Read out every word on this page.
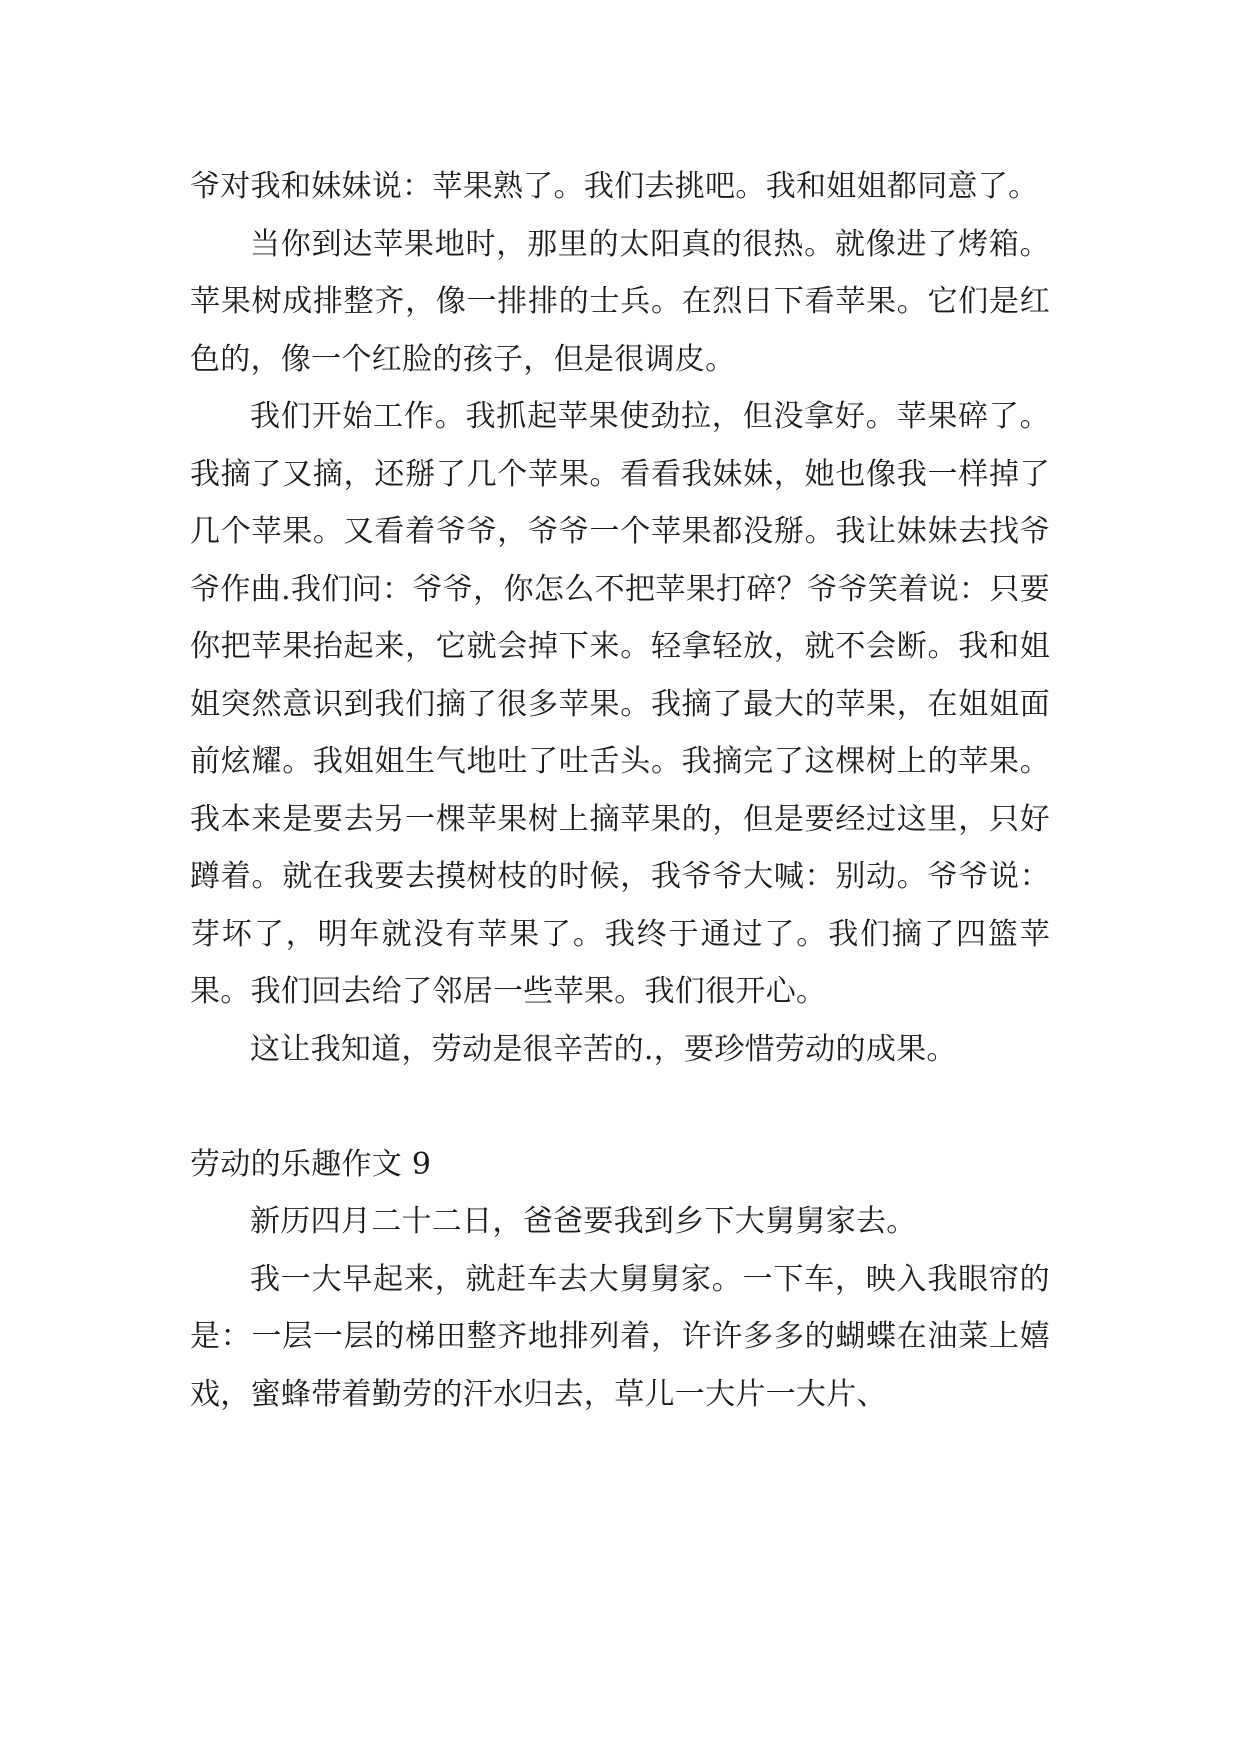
爷对我和妹妹说：苹果熟了。我们去挑吧。我和姐姐都同意了。

当你到达苹果地时，那里的太阳真的很热。就像进了烤箱。苹果树成排整齐，像一排排的士兵。在烈日下看苹果。它们是红色的，像一个红脸的孩子，但是很调皮。

我们开始工作。我抓起苹果使劲拉，但没拿好。苹果碎了。我摘了又摘，还掰了几个苹果。看看我妹妹，她也像我一样掉了几个苹果。又看着爷爷，爷爷一个苹果都没掰。我让妹妹去找爷爷作曲.我们问：爷爷，你怎么不把苹果打碎？爷爷笑着说：只要你把苹果抬起来，它就会掉下来。轻拿轻放，就不会断。我和姐姐突然意识到我们摘了很多苹果。我摘了最大的苹果，在姐姐面前炫耀。我姐姐生气地吐了吐舌头。我摘完了这棵树上的苹果。我本来是要去另一棵苹果树上摘苹果的，但是要经过这里，只好蹲着。就在我要去摸树枝的时候，我爷爷大喊：别动。爷爷说：芽坏了，明年就没有苹果了。我终于通过了。我们摘了四篮苹果。我们回去给了邻居一些苹果。我们很开心。

这让我知道，劳动是很辛苦的.，要珍惜劳动的成果。

劳动的乐趣作文 9

新历四月二十二日，爸爸要我到乡下大舅舅家去。

我一大早起来，就赶车去大舅舅家。一下车，映入我眼帘的是：一层一层的梯田整齐地排列着，许许多多的蝴蝶在油菜上嬉戏，蜜蜂带着勤劳的汗水归去，草儿一大片一大片、
